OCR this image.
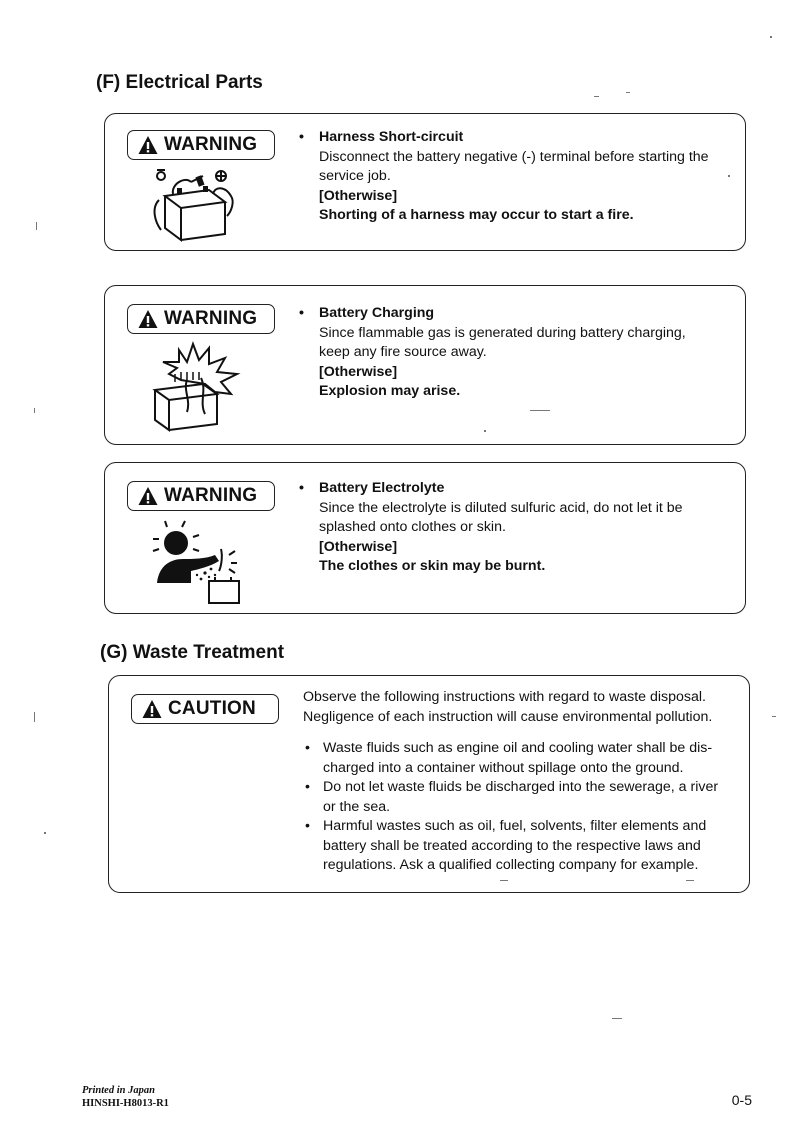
(F) Electrical Parts
WARNING	• Harness Short-circuit
Disconnect the battery negative (-) terminal before starting the
service job.
[Otherwise]
Shorting of a harness may occur to start a fire.
WARNING	• Battery Charging
Since flammable gas is generated during battery charging,
keep any fire source away.
[Otherwise]
Explosion may arise.
WARNING	• Battery Electrolyte
Since the electrolyte is diluted sulfuric acid, do not let it be
splashed onto clothes or skin.
[Otherwise]
The clothes or skin may be burnt.
(G) Waste Treatment
CAUTION
Observe the following instructions with regard to waste disposal.
Negligence of each instruction will cause environmental pollution.
• Waste fluids such as engine oil and cooling water shall be dis-
charged into a container without spillage onto the ground.
• Do not let waste fluids be discharged into the sewerage, a river
or the sea.
• Harmful wastes such as oil, fuel, solvents, filter elements and
battery shall be treated according to the respective laws and
regulations. Ask a qualified collecting company for example.
Printed in Japan
HINSHI-H8013-R1	0-5
